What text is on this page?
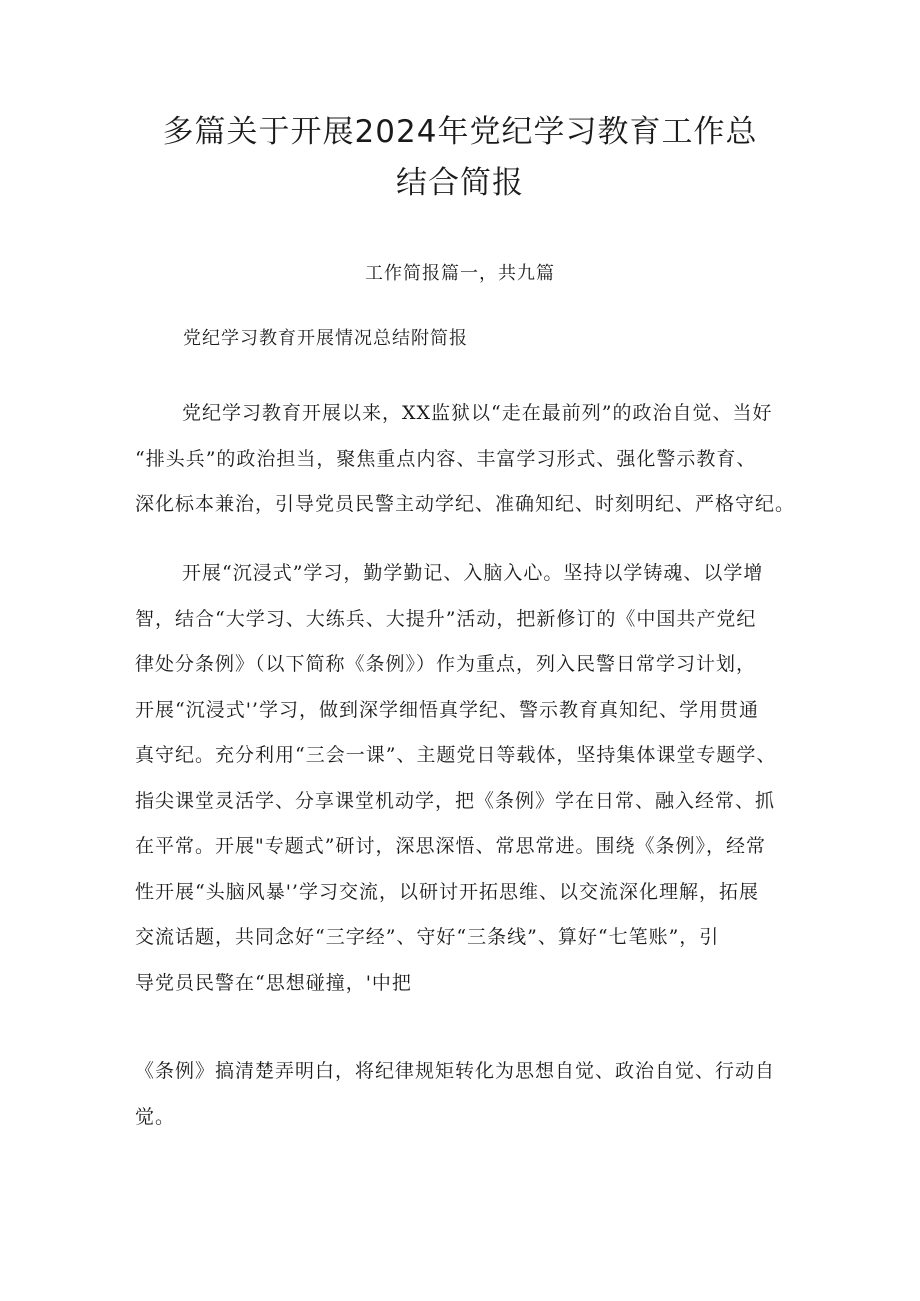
多篇关于开展2024年党纪学习教育工作总
结合简报
工作简报篇一，共九篇
党纪学习教育开展情况总结附简报

党纪学习教育开展以来，XX监狱以“走在最前列”的政治自觉、当好
“排头兵”的政治担当，聚焦重点内容、丰富学习形式、强化警示教育、
深化标本兼治，引导党员民警主动学纪、准确知纪、时刻明纪、严格守纪。

开展“沉浸式”学习，勤学勤记、入脑入心。坚持以学铸魂、以学增
智，结合“大学习、大练兵、大提升”活动，把新修订的《中国共产党纪
律处分条例》（以下简称《条例》）作为重点，列入民警日常学习计划，
开展“沉浸式'’学习，做到深学细悟真学纪、警示教育真知纪、学用贯通
真守纪。充分利用“三会一课”、主题党日等载体，坚持集体课堂专题学、
指尖课堂灵活学、分享课堂机动学，把《条例》学在日常、融入经常、抓
在平常。开展"专题式”研讨，深思深悟、常思常进。围绕《条例》，经常
性开展“头脑风暴'’学习交流，以研讨开拓思维、以交流深化理解，拓展
交流话题，共同念好“三字经”、守好“三条线”、算好“七笔账”，引
导党员民警在“思想碰撞，'中把

《条例》搞清楚弄明白，将纪律规矩转化为思想自觉、政治自觉、行动自
觉。
